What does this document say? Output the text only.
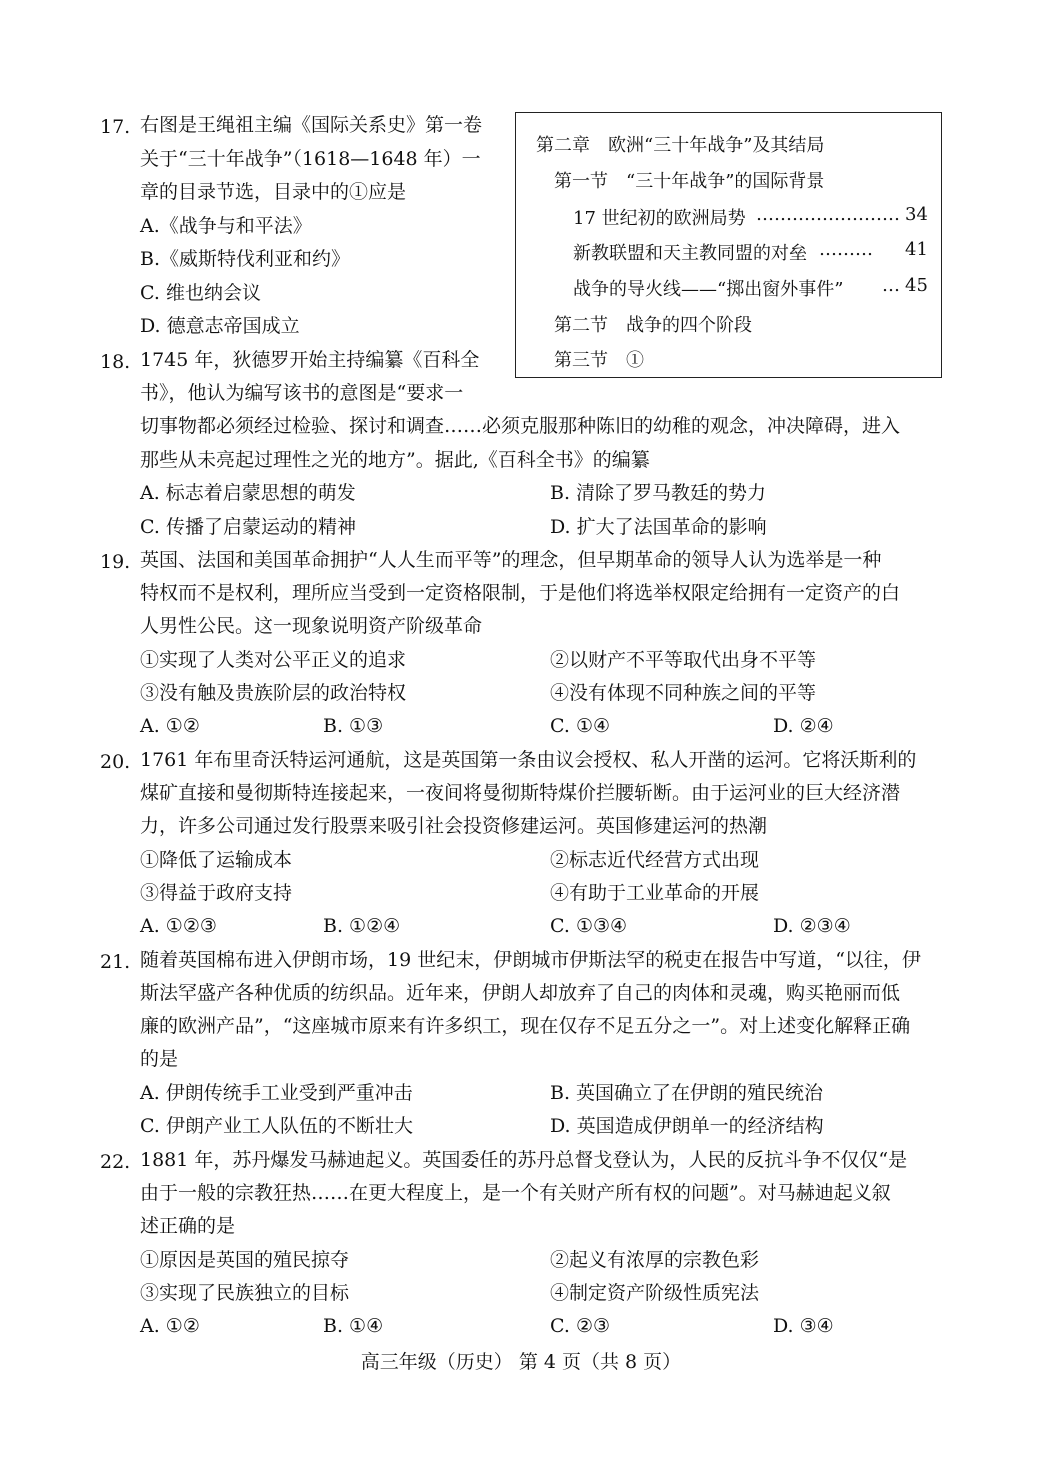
第二章　欧洲“三十年战争”及其结局
第一节　“三十年战争”的国际背景
17 世纪初的欧洲局势 …………………… 34
新教联盟和天主教同盟的对垒 ……… 41
战争的导火线——“掷出窗外事件” … 45
第二节　战争的四个阶段
第三节　①
17. 右图是王绳祖主编《国际关系史》第一卷
关于“三十年战争”（1618—1648 年）一
章的目录节选，目录中的①应是
A.《战争与和平法》
B.《威斯特伐利亚和约》
C. 维也纳会议
D. 德意志帝国成立
18. 1745 年，狄德罗开始主持编纂《百科全
书》，他认为编写该书的意图是“要求一
切事物都必须经过检验、探讨和调查……必须克服那种陈旧的幼稚的观念，冲决障碍，进入
那些从未亮起过理性之光的地方”。据此,《百科全书》的编纂
A. 标志着启蒙思想的萌发	B. 清除了罗马教廷的势力
C. 传播了启蒙运动的精神	D. 扩大了法国革命的影响
19. 英国、法国和美国革命拥护“人人生而平等”的理念，但早期革命的领导人认为选举是一种
特权而不是权利，理所应当受到一定资格限制，于是他们将选举权限定给拥有一定资产的白
人男性公民。这一现象说明资产阶级革命
①实现了人类对公平正义的追求	②以财产不平等取代出身不平等
③没有触及贵族阶层的政治特权	④没有体现不同种族之间的平等
A. ①②	B. ①③	C. ①④	D. ②④
20. 1761 年布里奇沃特运河通航，这是英国第一条由议会授权、私人开凿的运河。它将沃斯利的
煤矿直接和曼彻斯特连接起来，一夜间将曼彻斯特煤价拦腰斩断。由于运河业的巨大经济潜
力，许多公司通过发行股票来吸引社会投资修建运河。英国修建运河的热潮
①降低了运输成本	②标志近代经营方式出现
③得益于政府支持	④有助于工业革命的开展
A. ①②③	B. ①②④	C. ①③④	D. ②③④
21. 随着英国棉布进入伊朗市场，19 世纪末，伊朗城市伊斯法罕的税吏在报告中写道，“以往，伊
斯法罕盛产各种优质的纺织品。近年来，伊朗人却放弃了自己的肉体和灵魂，购买艳丽而低
廉的欧洲产品”，“这座城市原来有许多织工，现在仅存不足五分之一”。对上述变化解释正确
的是
A. 伊朗传统手工业受到严重冲击	B. 英国确立了在伊朗的殖民统治
C. 伊朗产业工人队伍的不断壮大	D. 英国造成伊朗单一的经济结构
22. 1881 年，苏丹爆发马赫迪起义。英国委任的苏丹总督戈登认为，人民的反抗斗争不仅仅“是
由于一般的宗教狂热……在更大程度上，是一个有关财产所有权的问题”。对马赫迪起义叙
述正确的是
①原因是英国的殖民掠夺	②起义有浓厚的宗教色彩
③实现了民族独立的目标	④制定资产阶级性质宪法
A. ①②	B. ①④	C. ②③	D. ③④
高三年级（历史） 第 4 页（共 8 页）
